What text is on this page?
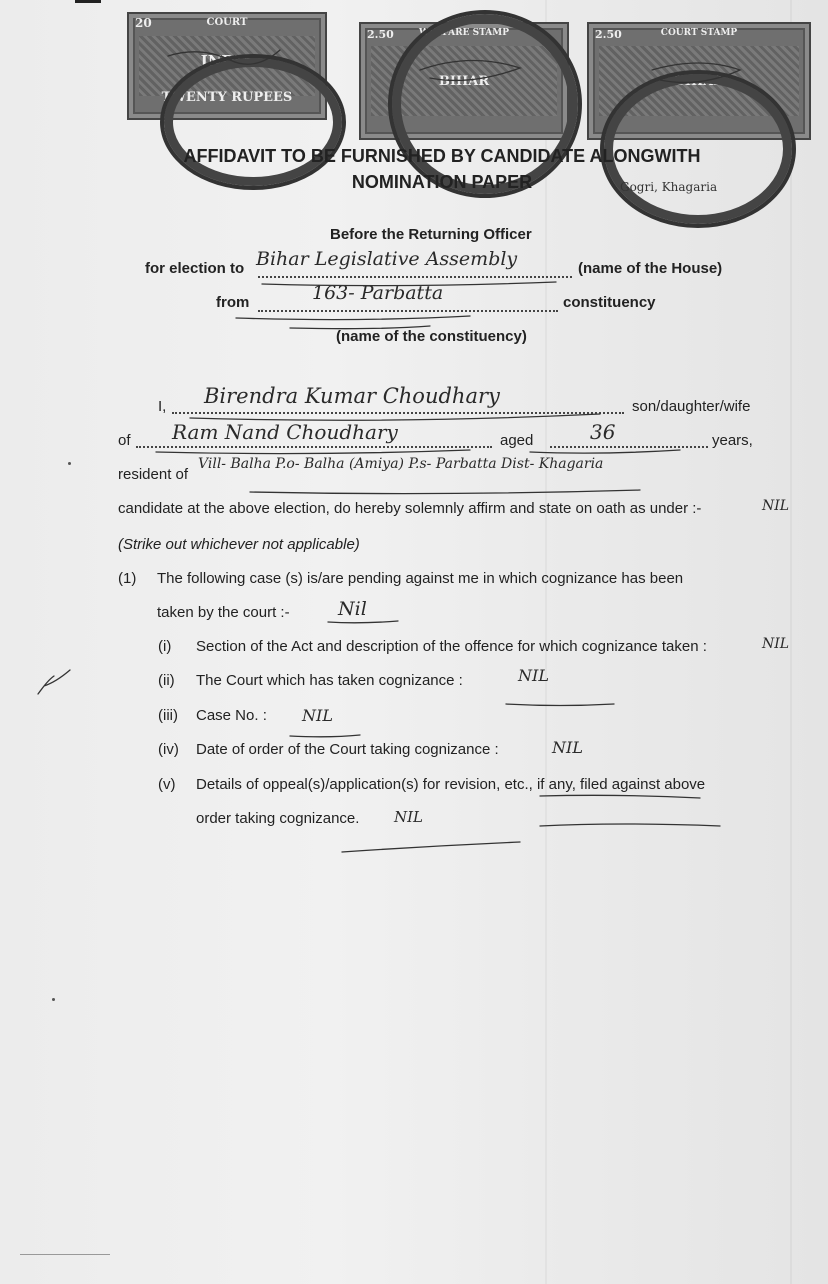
20	COURT
INDIA
TWENTY RUPEES
2.50	WELFARE STAMP
BIHAR
2.50	COURT STAMP
BIHAR
Gogri, Khagaria
AFFIDAVIT TO BE FURNISHED BY CANDIDATE ALONGWITH
NOMINATION PAPER
Before the Returning Officer
for election to Bihar Legislative Assembly	(name of the House)
from	163- Parbatta	constituency
(name of the constituency)
I, Birendra Kumar Choudhary	son/daughter/wife
of Ram Nand Choudhary	aged	36	years,
resident of
Vill- Balha P.o- Balha (Amiya) P.s- Parbatta Dist- Khagaria
candidate at the above election, do hereby solemnly affirm and state on oath as under :-	NIL
(Strike out whichever not applicable)
(1) The following case (s) is/are pending against me in which cognizance has been
taken by the court :-	Nil
(i) Section of the Act and description of the offence for which cognizance taken :	NIL
(ii) The Court which has taken cognizance :	NIL
(iii) Case No. : NIL
(iv) Date of order of the Court taking cognizance :	NIL
(v) Details of oppeal(s)/application(s) for revision, etc., if any, filed against above
order taking cognizance. NIL
